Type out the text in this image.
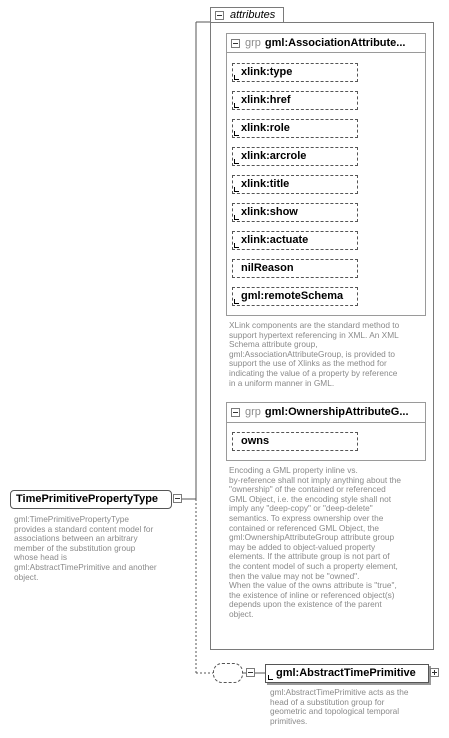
attributes
grp gml:AssociationAttribute...
xlink:type
xlink:href
xlink:role
xlink:arcrole
xlink:title
xlink:show
xlink:actuate
nilReason
gml:remoteSchema
XLink components are the standard method to
support hypertext referencing in XML. An XML
Schema attribute group,
gml:AssociationAttributeGroup, is provided to
support the use of Xlinks as the method for
indicating the value of a property by reference
in a uniform manner in GML.
grp gml:OwnershipAttributeG...
owns
Encoding a GML property inline vs.
by-reference shall not imply anything about the
"ownership" of the contained or referenced
GML Object, i.e. the encoding style shall not
imply any "deep-copy" or "deep-delete"
semantics. To express ownership over the
contained or referenced GML Object, the
gml:OwnershipAttributeGroup attribute group
may be added to object-valued property
elements. If the attribute group is not part of
the content model of such a property element,
then the value may not be "owned".
When the value of the owns attribute is "true",
the existence of inline or referenced object(s)
depends upon the existence of the parent
object.
TimePrimitivePropertyType
gml:TimePrimitivePropertyType
provides a standard content model for
associations between an arbitrary
member of the substitution group
whose head is
gml:AbstractTimePrimitive and another
object.
gml:AbstractTimePrimitive
gml:AbstractTimePrimitive acts as the
head of a substitution group for
geometric and topological temporal
primitives.
